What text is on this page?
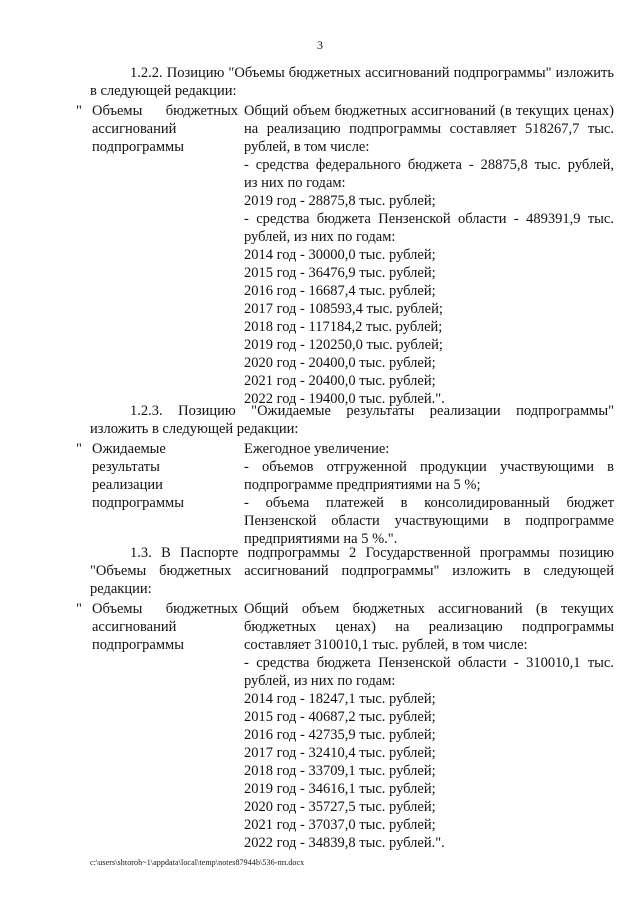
3
1.2.2. Позицию "Объемы бюджетных ассигнований подпрограммы" изложить
в следующей редакции:
" Объемы бюджетных
ассигнований
подпрограммы
Общий объем бюджетных ассигнований (в текущих ценах)
на реализацию подпрограммы составляет 518267,7 тыс.
рублей, в том числе:
- средства федерального бюджета - 28875,8 тыс. рублей,
из них по годам:
2019 год - 28875,8 тыс. рублей;
- средства бюджета Пензенской области - 489391,9 тыс.
рублей, из них по годам:
2014 год - 30000,0 тыс. рублей;
2015 год - 36476,9 тыс. рублей;
2016 год - 16687,4 тыс. рублей;
2017 год - 108593,4 тыс. рублей;
2018 год - 117184,2 тыс. рублей;
2019 год - 120250,0 тыс. рублей;
2020 год - 20400,0 тыс. рублей;
2021 год - 20400,0 тыс. рублей;
2022 год - 19400,0 тыс. рублей.".
1.2.3. Позицию "Ожидаемые результаты реализации подпрограммы"
изложить в следующей редакции:
" Ожидаемые
результаты
реализации
подпрограммы
Ежегодное увеличение:
- объемов отгруженной продукции участвующими в
подпрограмме предприятиями на 5 %;
- объема платежей в консолидированный бюджет
Пензенской области участвующими в подпрограмме
предприятиями на 5 %.".
1.3. В Паспорте подпрограммы 2 Государственной программы позицию
"Объемы бюджетных ассигнований подпрограммы" изложить в следующей
редакции:
" Объемы бюджетных
ассигнований
подпрограммы
Общий объем бюджетных ассигнований (в текущих
бюджетных ценах) на реализацию подпрограммы
составляет 310010,1 тыс. рублей, в том числе:
- средства бюджета Пензенской области - 310010,1 тыс.
рублей, из них по годам:
2014 год - 18247,1 тыс. рублей;
2015 год - 40687,2 тыс. рублей;
2016 год - 42735,9 тыс. рублей;
2017 год - 32410,4 тыс. рублей;
2018 год - 33709,1 тыс. рублей;
2019 год - 34616,1 тыс. рублей;
2020 год - 35727,5 тыс. рублей;
2021 год - 37037,0 тыс. рублей;
2022 год - 34839,8 тыс. рублей.".
c:\users\shtoroh~1\appdata\local\temp\notes87944b\536-пп.docx
